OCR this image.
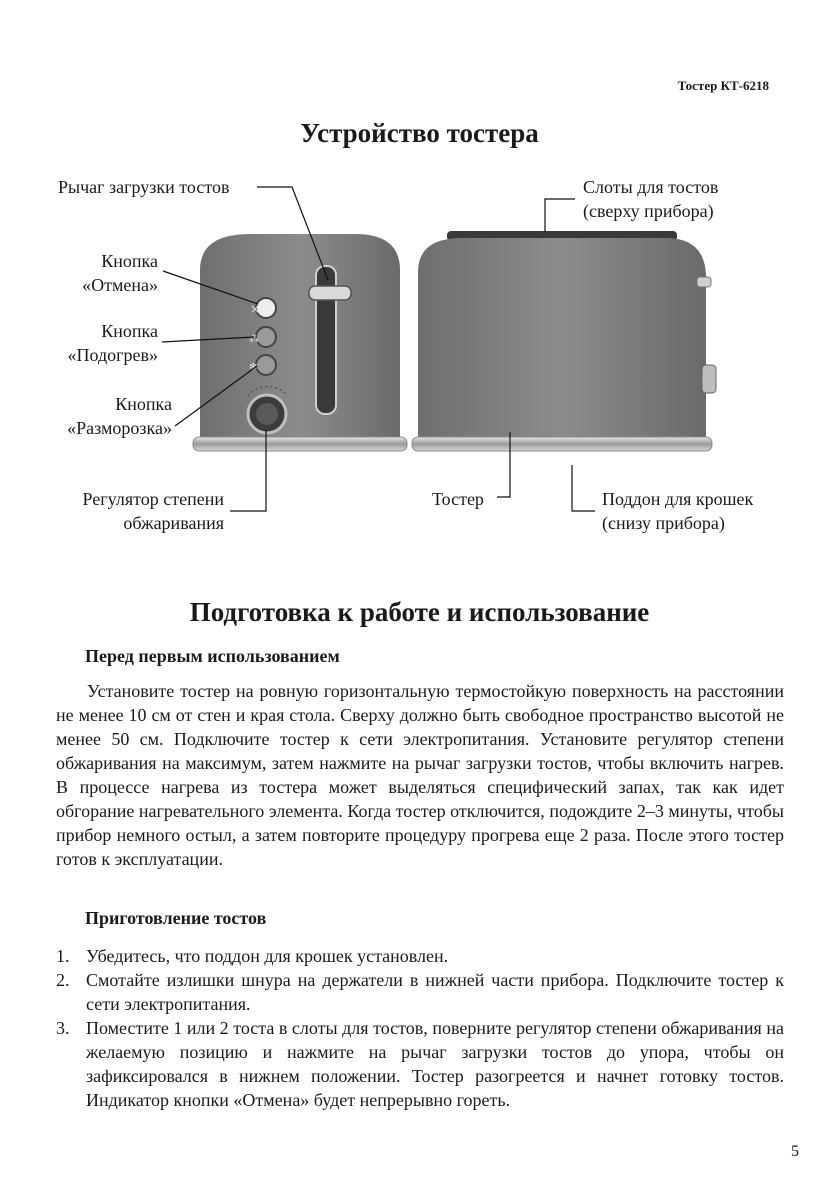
Тостер КТ-6218
Устройство тостера
×
⁂
✻
Рычаг загрузки тостов
Кнопка
«Отмена»
Кнопка
«Подогрев»
Кнопка
«Разморозка»
Регулятор степени
обжаривания
Слоты для тостов
(сверху прибора)
Тостер	Поддон для крошек
(снизу прибора)
Подготовка к работе и использование
Перед первым использованием

Установите тостер на ровную горизонтальную термостойкую поверхность на расстоянии не менее 10 см от стен и края стола. Сверху должно быть свободное пространство высотой не менее 50 см. Подключите тостер к сети электропитания. Установите регулятор степени обжаривания на максимум, затем нажмите на рычаг загрузки тостов, чтобы включить нагрев. В процессе нагрева из тостера может выделяться специфический запах, так как идет обгорание нагревательного элемента. Когда тостер отключится, подождите 2–3 минуты, чтобы прибор немного остыл, а затем повторите процедуру прогрева еще 2 раза. После этого тостер готов к эксплуатации.

Приготовление тостов
1. Убедитесь, что поддон для крошек установлен.
2. Смотайте излишки шнура на держатели в нижней части прибора. Подключите тостер к сети электропитания.
3. Поместите 1 или 2 тоста в слоты для тостов, поверните регулятор степени обжаривания на желаемую позицию и нажмите на рычаг загрузки тостов до упора, чтобы он зафиксировался в нижнем положении. Тостер разогреется и начнет готовку тостов. Индикатор кнопки «Отмена» будет непрерывно гореть.
5
